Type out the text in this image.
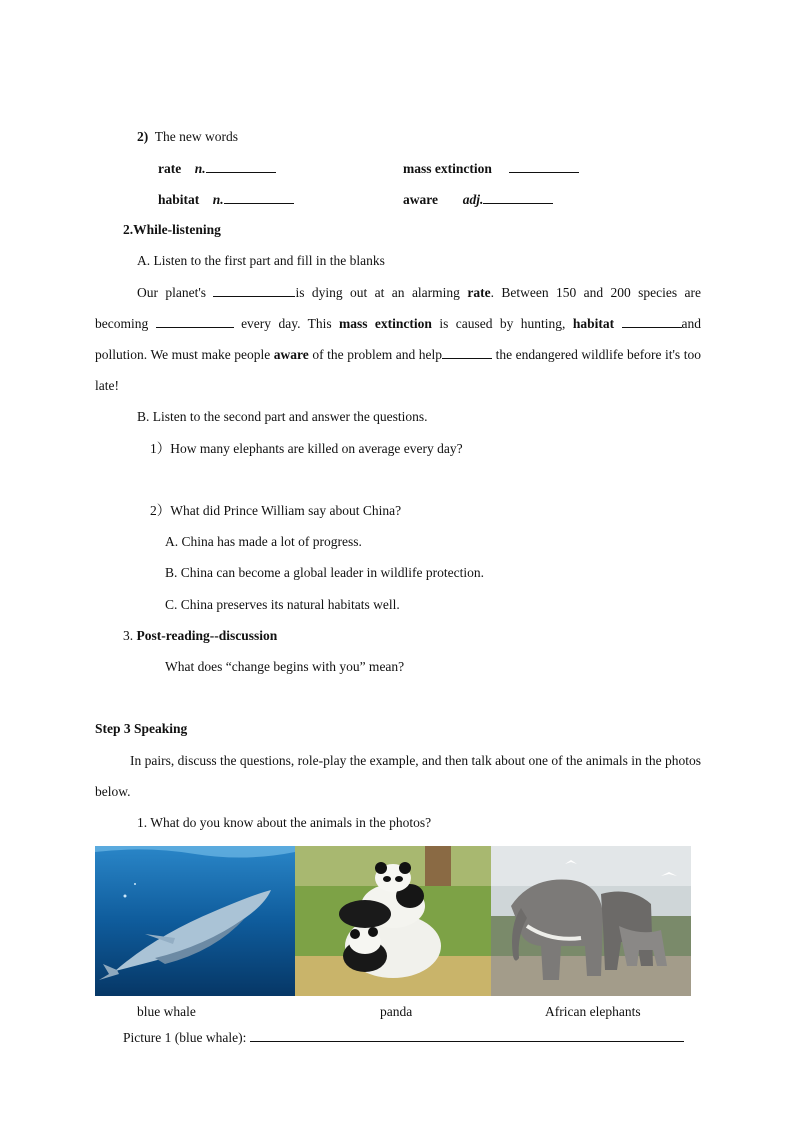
2) The new words
rate n.	mass extinction
habitat n.	aware adj.
2.While-listening
A. Listen to the first part and fill in the blanks
Our planet's	is dying out at an alarming rate. Between 150 and 200 species are becoming	every day. This mass extinction is caused by hunting, habitat	and pollution. We must make people aware of the problem and help	the endangered wildlife before it's too late!
B. Listen to the second part and answer the questions.
1）How many elephants are killed on average every day?
2）What did Prince William say about China?
A. China has made a lot of progress.
B. China can become a global leader in wildlife protection.
C. China preserves its natural habitats well.
3. Post-reading--discussion
What does “change begins with you” mean?
Step 3 Speaking
In pairs, discuss the questions, role-play the example, and then talk about one of the animals in the photos below.
1. What do you know about the animals in the photos?
blue whale	panda	African elephants
Picture 1 (blue whale):
